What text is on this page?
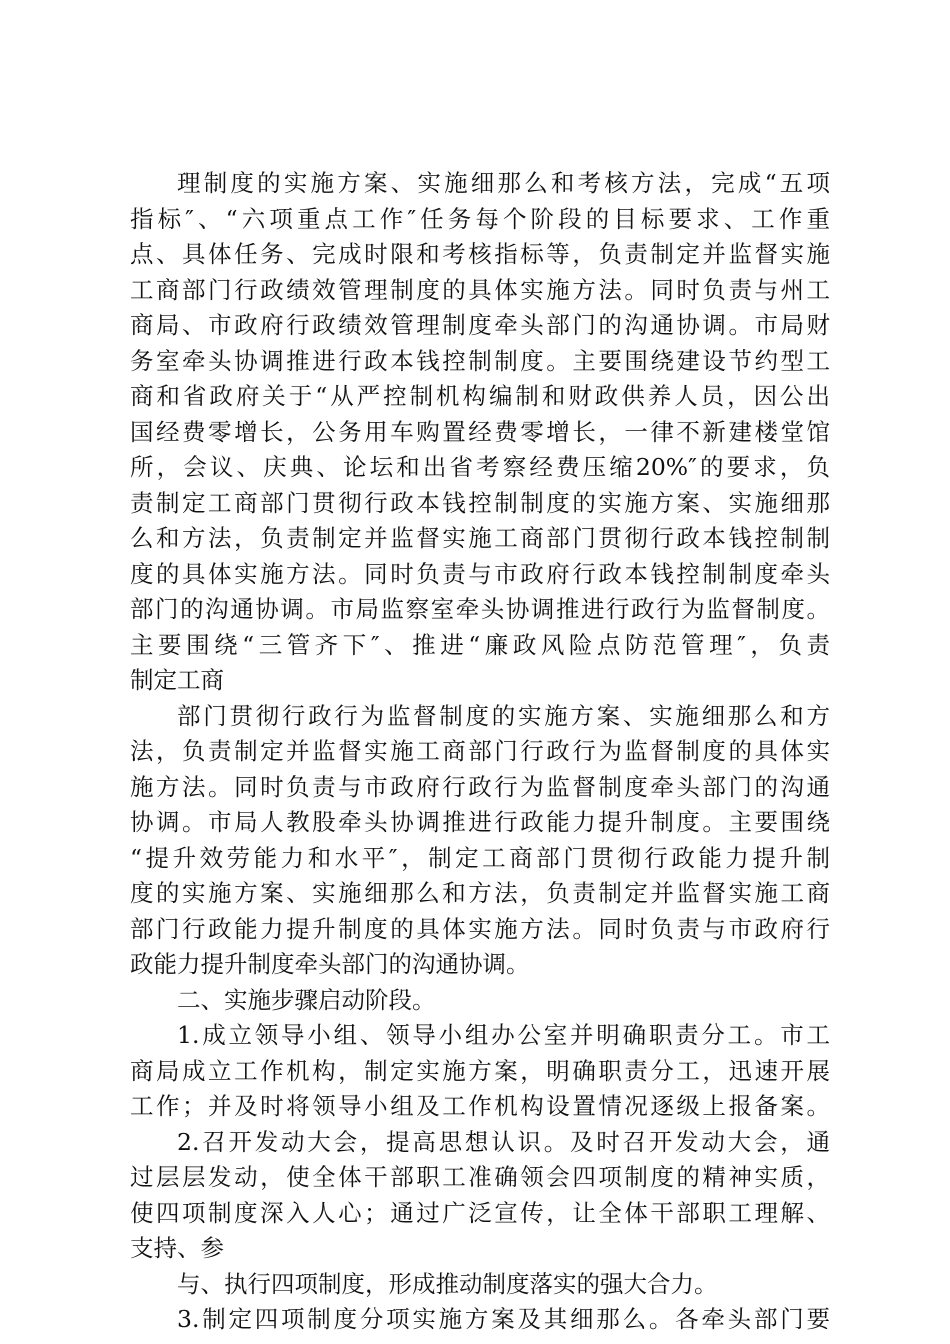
理制度的实施方案、实施细那么和考核方法，完成“五项
指标″、“六项重点工作″任务每个阶段的目标要求、工作重
点、具体任务、完成时限和考核指标等，负责制定并监督实施
工商部门行政绩效管理制度的具体实施方法。同时负责与州工
商局、市政府行政绩效管理制度牵头部门的沟通协调。市局财
务室牵头协调推进行政本钱控制制度。主要围绕建设节约型工
商和省政府关于“从严控制机构编制和财政供养人员，因公出
国经费零增长，公务用车购置经费零增长，一律不新建楼堂馆
所，会议、庆典、论坛和出省考察经费压缩20%″的要求，负
责制定工商部门贯彻行政本钱控制制度的实施方案、实施细那
么和方法，负责制定并监督实施工商部门贯彻行政本钱控制制
度的具体实施方法。同时负责与市政府行政本钱控制制度牵头
部门的沟通协调。市局监察室牵头协调推进行政行为监督制度。
主要围绕“三管齐下″、推进“廉政风险点防范管理″，负责
制定工商
部门贯彻行政行为监督制度的实施方案、实施细那么和方
法，负责制定并监督实施工商部门行政行为监督制度的具体实
施方法。同时负责与市政府行政行为监督制度牵头部门的沟通
协调。市局人教股牵头协调推进行政能力提升制度。主要围绕
“提升效劳能力和水平″，制定工商部门贯彻行政能力提升制
度的实施方案、实施细那么和方法，负责制定并监督实施工商
部门行政能力提升制度的具体实施方法。同时负责与市政府行
政能力提升制度牵头部门的沟通协调。
二、实施步骤启动阶段。
1.成立领导小组、领导小组办公室并明确职责分工。市工
商局成立工作机构，制定实施方案，明确职责分工，迅速开展
工作；并及时将领导小组及工作机构设置情况逐级上报备案。
2.召开发动大会，提高思想认识。及时召开发动大会，通
过层层发动，使全体干部职工准确领会四项制度的精神实质，
使四项制度深入人心；通过广泛宣传，让全体干部职工理解、
支持、参
与、执行四项制度，形成推动制度落实的强大合力。
3.制定四项制度分项实施方案及其细那么。各牵头部门要
